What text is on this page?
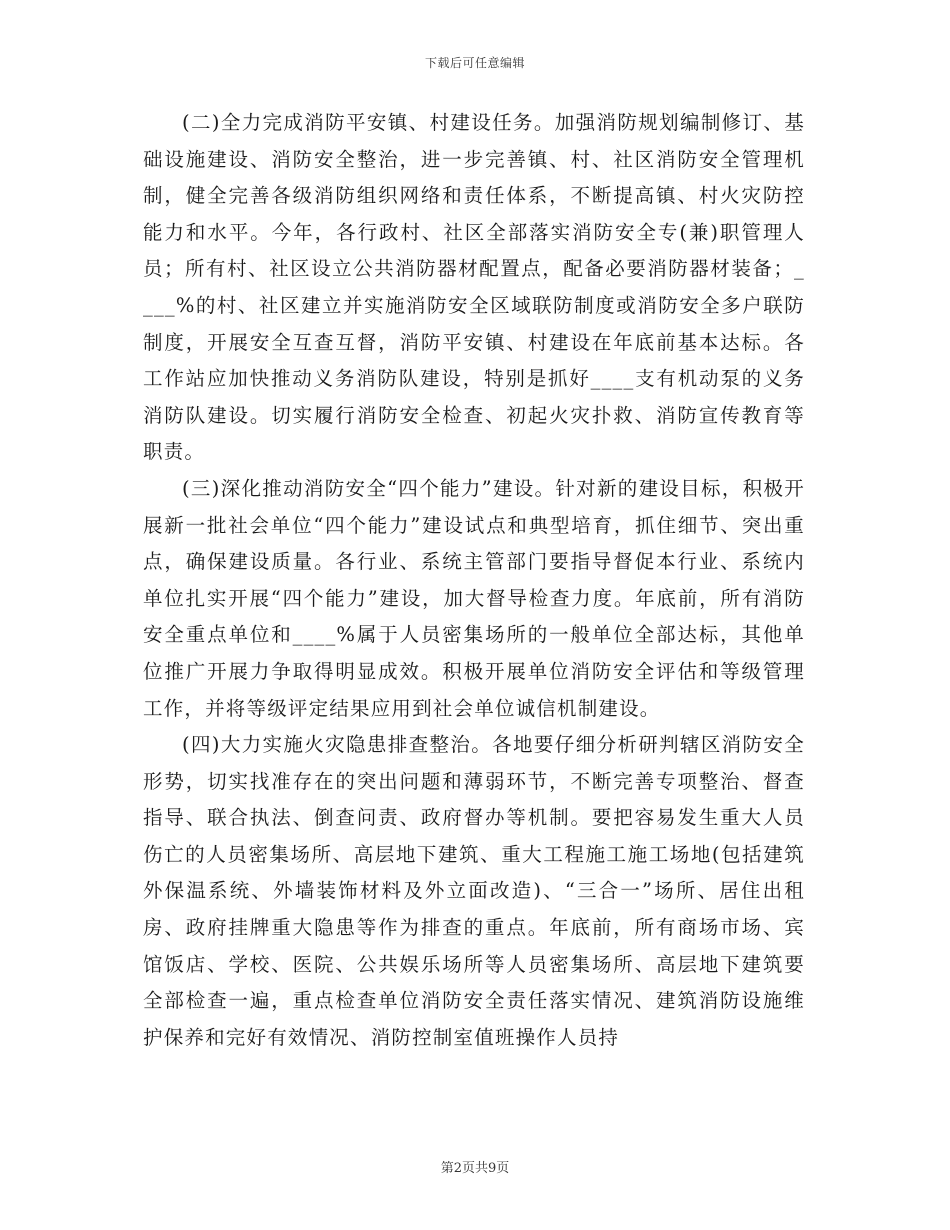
下载后可任意编辑

(二)全力完成消防平安镇、村建设任务。加强消防规划编制修订、基础设施建设、消防安全整治，进一步完善镇、村、社区消防安全管理机制，健全完善各级消防组织网络和责任体系，不断提高镇、村火灾防控能力和水平。今年，各行政村、社区全部落实消防安全专(兼)职管理人员；所有村、社区设立公共消防器材配置点，配备必要消防器材装备；____%的村、社区建立并实施消防安全区域联防制度或消防安全多户联防制度，开展安全互查互督，消防平安镇、村建设在年底前基本达标。各工作站应加快推动义务消防队建设，特别是抓好____支有机动泵的义务消防队建设。切实履行消防安全检查、初起火灾扑救、消防宣传教育等职责。

(三)深化推动消防安全“四个能力”建设。针对新的建设目标，积极开展新一批社会单位“四个能力”建设试点和典型培育，抓住细节、突出重点，确保建设质量。各行业、系统主管部门要指导督促本行业、系统内单位扎实开展“四个能力”建设，加大督导检查力度。年底前，所有消防安全重点单位和____%属于人员密集场所的一般单位全部达标，其他单位推广开展力争取得明显成效。积极开展单位消防安全评估和等级管理工作，并将等级评定结果应用到社会单位诚信机制建设。

(四)大力实施火灾隐患排查整治。各地要仔细分析研判辖区消防安全形势，切实找准存在的突出问题和薄弱环节，不断完善专项整治、督查指导、联合执法、倒查问责、政府督办等机制。要把容易发生重大人员伤亡的人员密集场所、高层地下建筑、重大工程施工施工场地(包括建筑外保温系统、外墙装饰材料及外立面改造)、“三合一”场所、居住出租房、政府挂牌重大隐患等作为排查的重点。年底前，所有商场市场、宾馆饭店、学校、医院、公共娱乐场所等人员密集场所、高层地下建筑要全部检查一遍，重点检查单位消防安全责任落实情况、建筑消防设施维护保养和完好有效情况、消防控制室值班操作人员持

第2页共9页
